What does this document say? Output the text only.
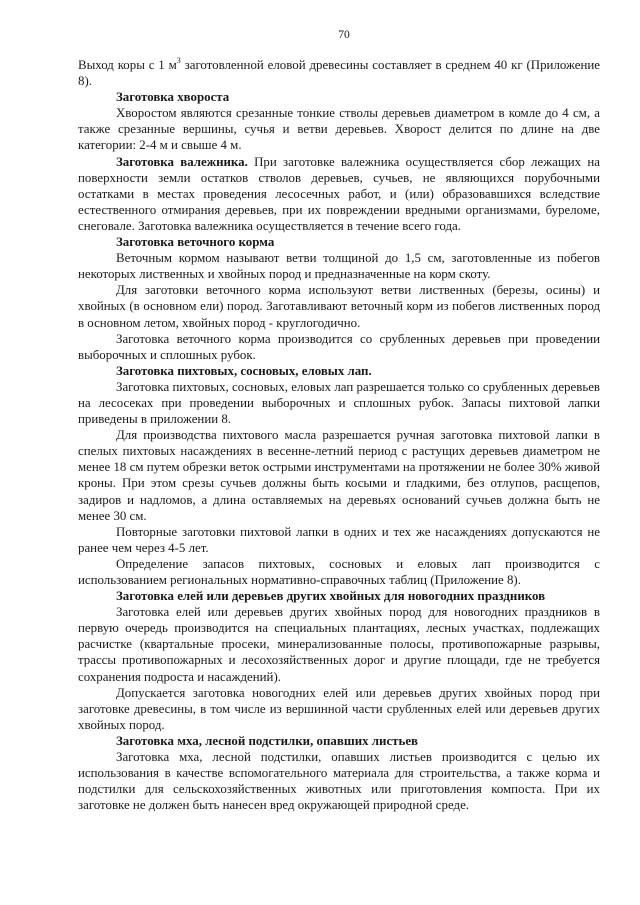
70

Выход коры с 1 $м^3$ заготовленной еловой древесины составляет в среднем 40 кг (Приложение 8).

Заготовка хвороста

Хворостом являются срезанные тонкие стволы деревьев диаметром в комле до 4 см, а также срезанные вершины, сучья и ветви деревьев. Хворост делится по длине на две категории: 2-4 м и свыше 4 м.

Заготовка валежника. При заготовке валежника осуществляется сбор лежащих на поверхности земли остатков стволов деревьев, сучьев, не являющихся порубочными остатками в местах проведения лесосечных работ, и (или) образовавшихся вследствие естественного отмирания деревьев, при их повреждении вредными организмами, буреломе, снеговале. Заготовка валежника осуществляется в течение всего года.

Заготовка веточного корма

Веточным кормом называют ветви толщиной до 1,5 см, заготовленные из побегов некоторых лиственных и хвойных пород и предназначенные на корм скоту.

Для заготовки веточного корма используют ветви лиственных (березы, осины) и хвойных (в основном ели) пород. Заготавливают веточный корм из побегов лиственных пород в основном летом, хвойных пород - круглогодично.

Заготовка веточного корма производится со срубленных деревьев при проведении выборочных и сплошных рубок.

Заготовка пихтовых, сосновых, еловых лап.

Заготовка пихтовых, сосновых, еловых лап разрешается только со срубленных деревьев на лесосеках при проведении выборочных и сплошных рубок. Запасы пихтовой лапки приведены в приложении 8.

Для производства пихтового масла разрешается ручная заготовка пихтовой лапки в спелых пихтовых насаждениях в весенне-летний период с растущих деревьев диаметром не менее 18 см путем обрезки веток острыми инструментами на протяжении не более 30% живой кроны. При этом срезы сучьев должны быть косыми и гладкими, без отлупов, расщепов, задиров и надломов, а длина оставляемых на деревьях оснований сучьев должна быть не менее 30 см.

Повторные заготовки пихтовой лапки в одних и тех же насаждениях допускаются не ранее чем через 4-5 лет.

Определение запасов пихтовых, сосновых и еловых лап производится с использованием региональных нормативно-справочных таблиц (Приложение 8).

Заготовка елей или деревьев других хвойных для новогодних праздников

Заготовка елей или деревьев других хвойных пород для новогодних праздников в первую очередь производится на специальных плантациях, лесных участках, подлежащих расчистке (квартальные просеки, минерализованные полосы, противопожарные разрывы, трассы противопожарных и лесохозяйственных дорог и другие площади, где не требуется сохранения подроста и насаждений).

Допускается заготовка новогодних елей или деревьев других хвойных пород при заготовке древесины, в том числе из вершинной части срубленных елей или деревьев других хвойных пород.

Заготовка мха, лесной подстилки, опавших листьев

Заготовка мха, лесной подстилки, опавших листьев производится с целью их использования в качестве вспомогательного материала для строительства, а также корма и подстилки для сельскохозяйственных животных или приготовления компоста. При их заготовке не должен быть нанесен вред окружающей природной среде.
